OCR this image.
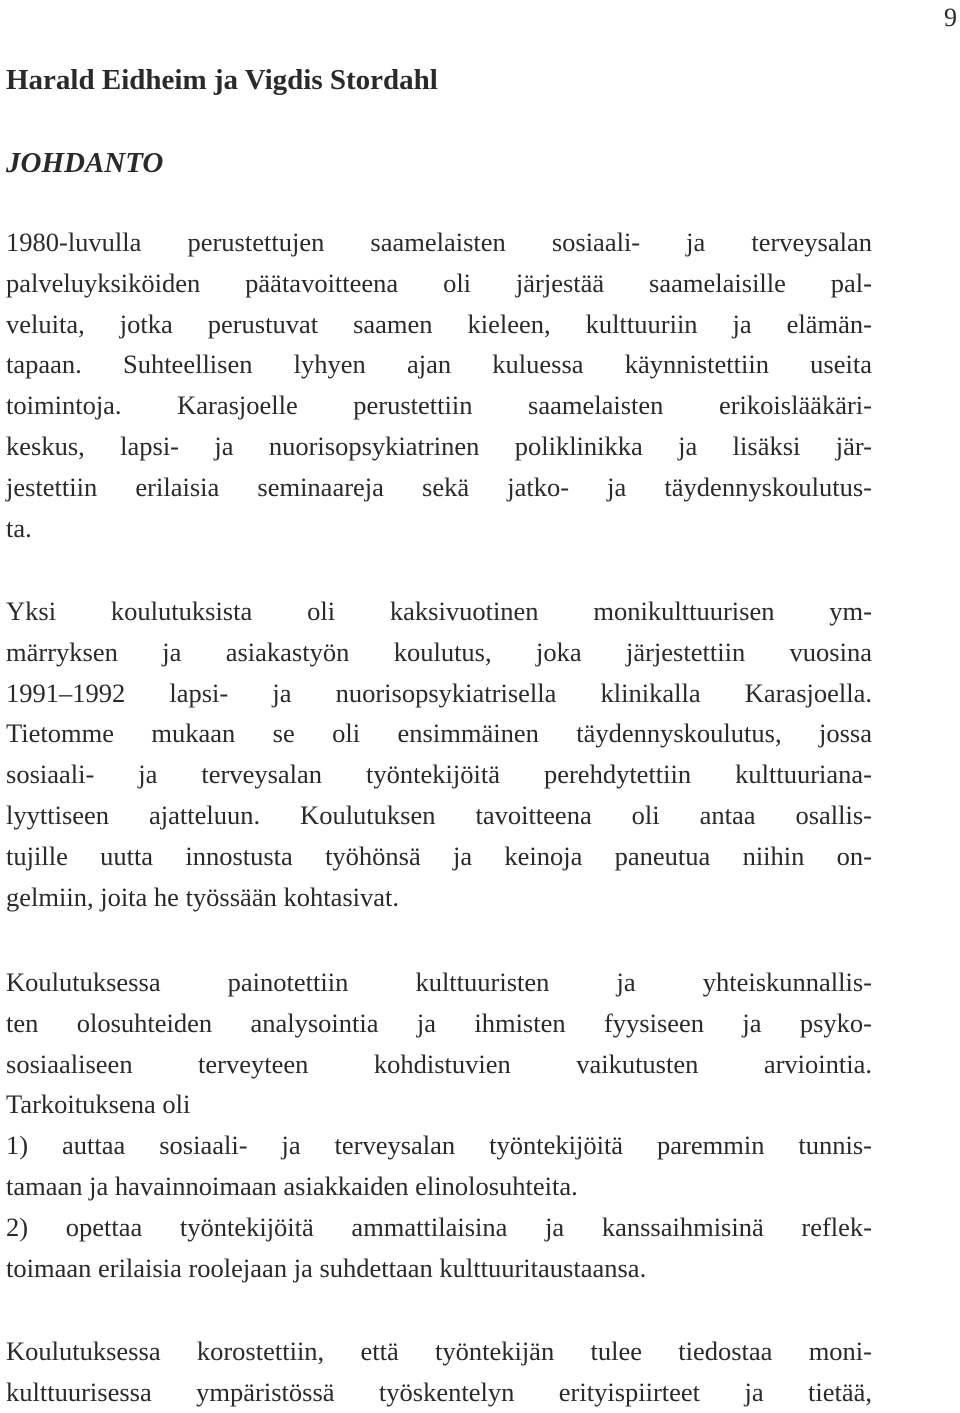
9
Harald Eidheim ja Vigdis Stordahl
JOHDANTO
1980-luvulla perustettujen saamelaisten sosiaali- ja terveysalan
palveluyksiköiden päätavoitteena oli järjestää saamelaisille pal-
veluita, jotka perustuvat saamen kieleen, kulttuuriin ja elämän-
tapaan. Suhteellisen lyhyen ajan kuluessa käynnistettiin useita
toimintoja. Karasjoelle perustettiin saamelaisten erikoislääkäri-
keskus, lapsi- ja nuorisopsykiatrinen poliklinikka ja lisäksi jär-
jestettiin erilaisia seminaareja sekä jatko- ja täydennyskoulutus-
ta.
Yksi koulutuksista oli kaksivuotinen monikulttuurisen ym-
märryksen ja asiakastyön koulutus, joka järjestettiin vuosina
1991–1992 lapsi- ja nuorisopsykiatrisella klinikalla Karasjoella.
Tietomme mukaan se oli ensimmäinen täydennyskoulutus, jossa
sosiaali- ja terveysalan työntekijöitä perehdytettiin kulttuuriana-
lyyttiseen ajatteluun. Koulutuksen tavoitteena oli antaa osallis-
tujille uutta innostusta työhönsä ja keinoja paneutua niihin on-
gelmiin, joita he työssään kohtasivat.
Koulutuksessa painotettiin kulttuuristen ja yhteiskunnallis-
ten olosuhteiden analysointia ja ihmisten fyysiseen ja psyko-
sosiaaliseen terveyteen kohdistuvien vaikutusten arviointia.
Tarkoituksena oli
1) auttaa sosiaali- ja terveysalan työntekijöitä paremmin tunnis-
tamaan ja havainnoimaan asiakkaiden elinolosuhteita.
2) opettaa työntekijöitä ammattilaisina ja kanssaihmisinä reflek-
toimaan erilaisia roolejaan ja suhdettaan kulttuuritaustaansa.
Koulutuksessa korostettiin, että työntekijän tulee tiedostaa moni-
kulttuurisessa ympäristössä työskentelyn erityispiirteet ja tietää,
